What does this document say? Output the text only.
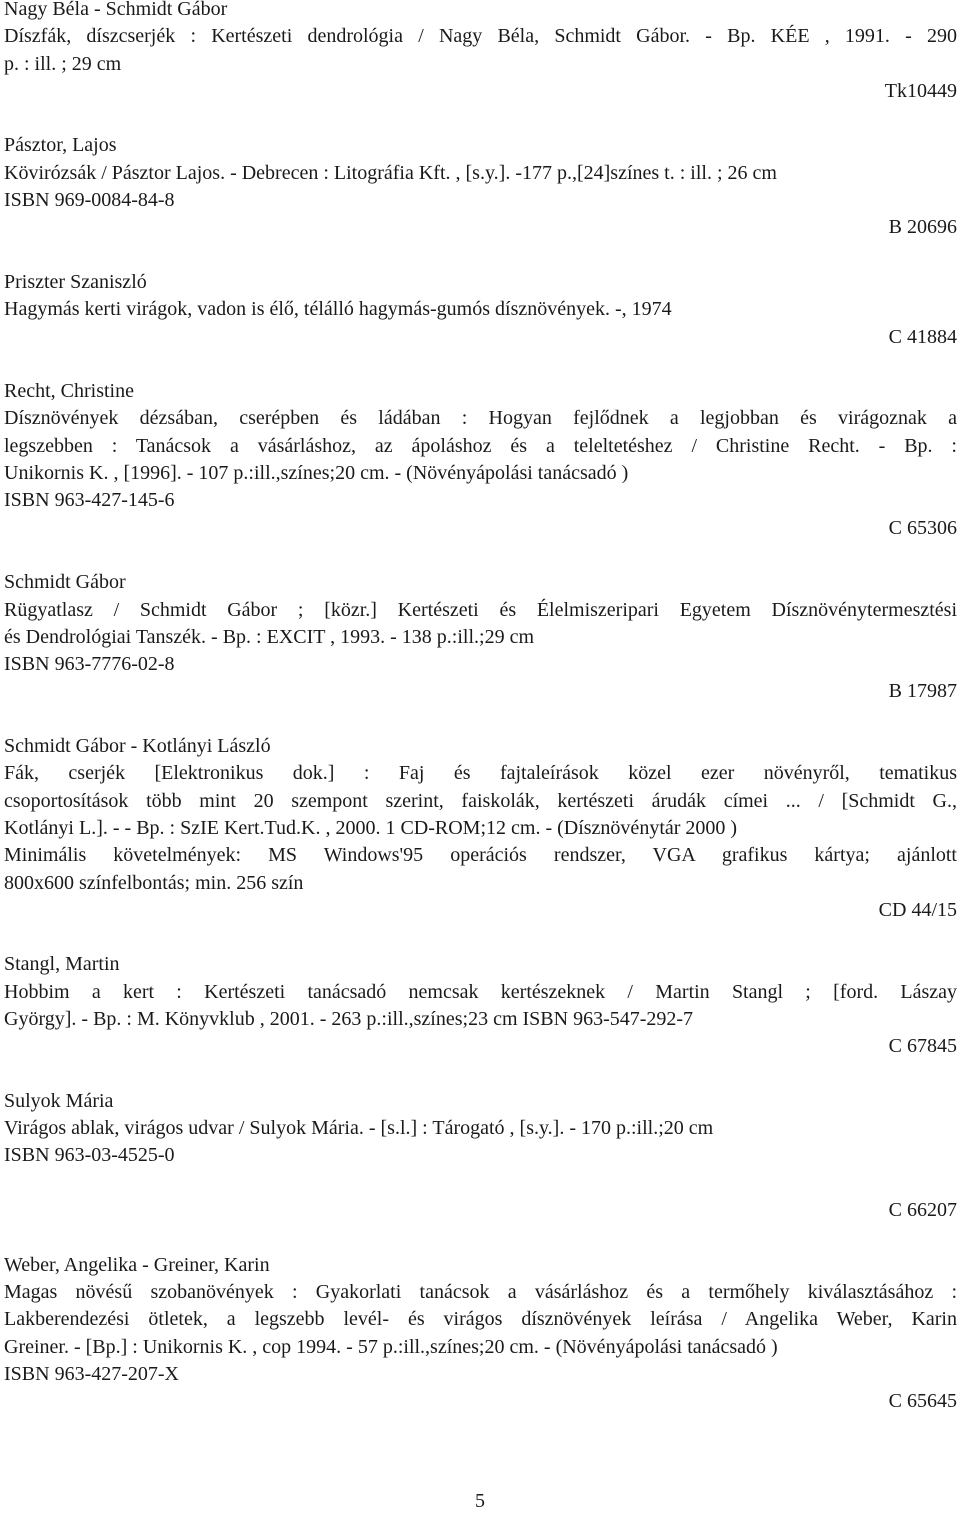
Nagy Béla - Schmidt Gábor

Díszfák, díszcserjék : Kertészeti dendrológia / Nagy Béla, Schmidt Gábor. - Bp. KÉE , 1991. - 290
p. : ill. ; 29 cm
Tk10449
Pásztor, Lajos
Kövirózsák / Pásztor Lajos. - Debrecen : Litográfia Kft. , [s.y.]. -177 p.,[24]színes t. : ill. ; 26 cm
ISBN 969-0084-84-8
B 20696
Priszter Szaniszló
Hagymás kerti virágok, vadon is élő, télálló hagymás-gumós dísznövények. -, 1974
C 41884
Recht, Christine

Dísznövények dézsában, cserépben és ládában : Hogyan fejlődnek a legjobban és virágoznak a
legszebben : Tanácsok a vásárláshoz, az ápoláshoz és a teleltetéshez / Christine Recht. - Bp. :
Unikornis K. , [1996]. - 107 p.:ill.,színes;20 cm. - (Növényápolási tanácsadó )
ISBN 963-427-145-6
C 65306
Schmidt Gábor

Rügyatlasz / Schmidt Gábor ; [közr.] Kertészeti és Élelmiszeripari Egyetem Dísznövénytermesztési
és Dendrológiai Tanszék. - Bp. : EXCIT , 1993. - 138 p.:ill.;29 cm
ISBN 963-7776-02-8
B 17987
Schmidt Gábor - Kotlányi László

Fák, cserjék [Elektronikus dok.] : Faj és fajtaleírások közel ezer növényről, tematikus
csoportosítások több mint 20 szempont szerint, faiskolák, kertészeti árudák címei ... / [Schmidt G.,
Kotlányi L.]. - - Bp. : SzIE Kert.Tud.K. , 2000. 1 CD-ROM;12 cm. - (Dísznövénytár 2000 )

Minimális követelmények: MS Windows'95 operációs rendszer, VGA grafikus kártya; ajánlott
800x600 színfelbontás; min. 256 szín
CD 44/15
Stangl, Martin

Hobbim a kert : Kertészeti tanácsadó nemcsak kertészeknek / Martin Stangl ; [ford. Lászay
György]. - Bp. : M. Könyvklub , 2001. - 263 p.:ill.,színes;23 cm ISBN 963-547-292-7
C 67845
Sulyok Mária
Virágos ablak, virágos udvar / Sulyok Mária. - [s.l.] : Tárogató , [s.y.]. - 170 p.:ill.;20 cm
ISBN 963-03-4525-0
C 66207
Weber, Angelika - Greiner, Karin

Magas növésű szobanövények : Gyakorlati tanácsok a vásárláshoz és a termőhely kiválasztásához :
Lakberendezési ötletek, a legszebb levél- és virágos dísznövények leírása / Angelika Weber, Karin
Greiner. - [Bp.] : Unikornis K. , cop 1994. - 57 p.:ill.,színes;20 cm. - (Növényápolási tanácsadó )
ISBN 963-427-207-X
C 65645
5
